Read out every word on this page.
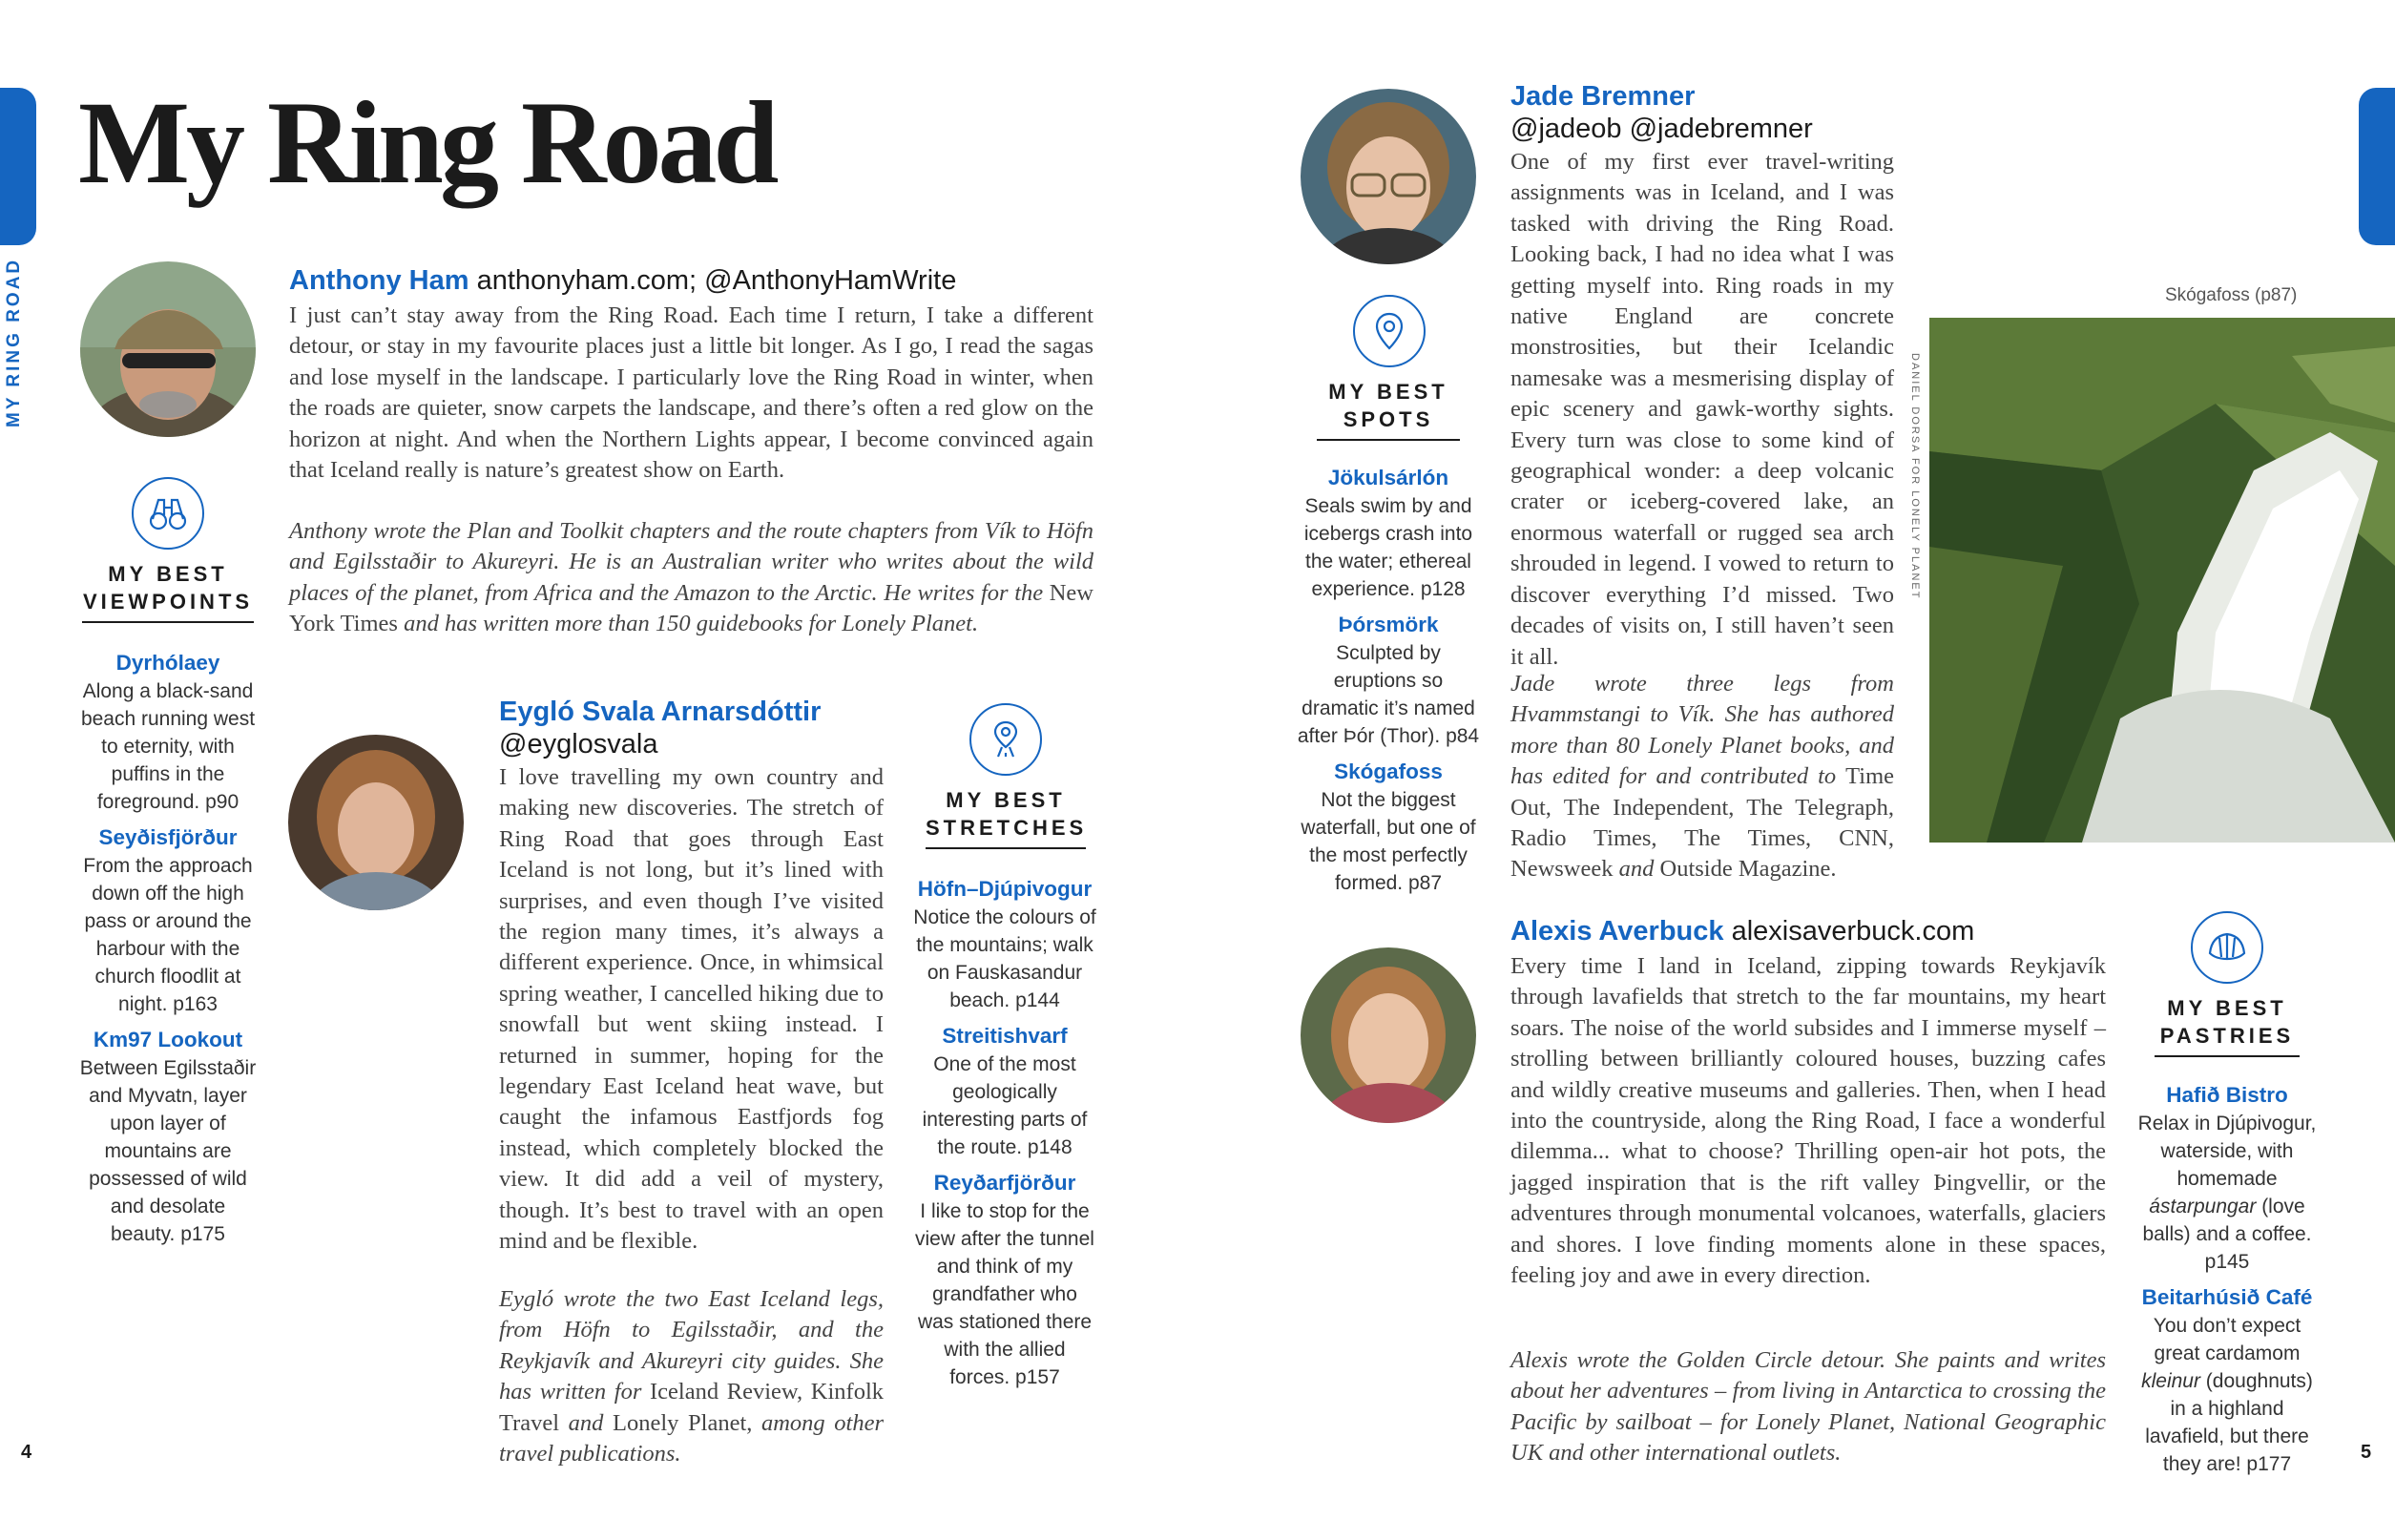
MY RING ROAD
My Ring Road
Anthony Ham anthonyham.com; @AnthonyHamWrite
I just can’t stay away from the Ring Road. Each time I return, I take a different detour, or stay in my favourite places just a little bit longer. As I go, I read the sagas and lose myself in the landscape. I particularly love the Ring Road in winter, when the roads are quieter, snow carpets the landscape, and there’s often a red glow on the horizon at night. And when the Northern Lights appear, I become convinced again that Iceland really is nature’s greatest show on Earth.
Anthony wrote the Plan and Toolkit chapters and the route chapters from Vík to Höfn and Egilsstaðir to Akureyri. He is an Australian writer who writes about the wild places of the planet, from Africa and the Amazon to the Arctic. He writes for the New York Times and has written more than 150 guidebooks for Lonely Planet.
MY BEST
VIEWPOINTS
Dyrhólaey
Along a black-sand beach running west to eternity, with puffins in the foreground. p90
Seyðisfjörður
From the approach down off the high pass or around the harbour with the church floodlit at night. p163
Km97 Lookout
Between Egilsstaðir and Myvatn, layer upon layer of mountains are possessed of wild and desolate beauty. p175
Eygló Svala Arnarsdóttir
@eyglosvala
I love travelling my own country and making new discoveries. The stretch of Ring Road that goes through East Iceland is not long, but it’s lined with surprises, and even though I’ve visited the region many times, it’s always a different experience. Once, in whimsical spring weather, I cancelled hiking due to snowfall but went skiing instead. I returned in summer, hoping for the legendary East Iceland heat wave, but caught the infamous Eastfjords fog instead, which completely blocked the view. It did add a veil of mystery, though. It’s best to travel with an open mind and be flexible.
Eygló wrote the two East Iceland legs, from Höfn to Egilsstaðir, and the Reykjavík and Akureyri city guides. She has written for Iceland Review, Kinfolk Travel and Lonely Planet, among other travel publications.
MY BEST
STRETCHES
Höfn–Djúpivogur
Notice the colours of the mountains; walk on Fauskasandur beach. p144
Streitishvarf
One of the most geologically interesting parts of the route. p148
Reyðarfjörður
I like to stop for the view after the tunnel and think of my grandfather who was stationed there with the allied forces. p157
4
Jade Bremner
@jadeob @jadebremner
One of my first ever travel-writing assignments was in Iceland, and I was tasked with driving the Ring Road. Looking back, I had no idea what I was getting myself into. Ring roads in my native England are concrete monstrosities, but their Icelandic namesake was a mesmerising display of epic scenery and gawk-worthy sights. Every turn was close to some kind of geographical wonder: a deep volcanic crater or iceberg-covered lake, an enormous waterfall or rugged sea arch shrouded in legend. I vowed to return to discover everything I’d missed. Two decades of visits on, I still haven’t seen it all.
Jade wrote three legs from Hvammstangi to Vík. She has authored more than 80 Lonely Planet books, and has edited for and contributed to Time Out, The Independent, The Telegraph, Radio Times, The Times, CNN, Newsweek and Outside Magazine.
MY BEST
SPOTS
Jökulsárlón
Seals swim by and icebergs crash into the water; ethereal experience. p128
Þórsmörk
Sculpted by eruptions so dramatic it’s named after Þór (Thor). p84
Skógafoss
Not the biggest waterfall, but one of the most perfectly formed. p87
Skógafoss (p87)
DANIEL DORSA FOR LONELY PLANET
Alexis Averbuck alexisaverbuck.com
Every time I land in Iceland, zipping towards Reykjavík through lavafields that stretch to the far mountains, my heart soars. The noise of the world subsides and I immerse myself – strolling between brilliantly coloured houses, buzzing cafes and wildly creative museums and galleries. Then, when I head into the countryside, along the Ring Road, I face a wonderful dilemma... what to choose? Thrilling open-air hot pots, the jagged inspiration that is the rift valley Þingvellir, or the adventures through monumental volcanoes, waterfalls, glaciers and shores. I love finding moments alone in these spaces, feeling joy and awe in every direction.
Alexis wrote the Golden Circle detour. She paints and writes about her adventures – from living in Antarctica to crossing the Pacific by sailboat – for Lonely Planet, National Geographic UK and other international outlets.
MY BEST
PASTRIES
Hafið Bistro
Relax in Djúpivogur, waterside, with homemade ástarpungar (love balls) and a coffee. p145
Beitarhúsið Café
You don’t expect great cardamom kleinur (doughnuts) in a highland lavafield, but there they are! p177
5
